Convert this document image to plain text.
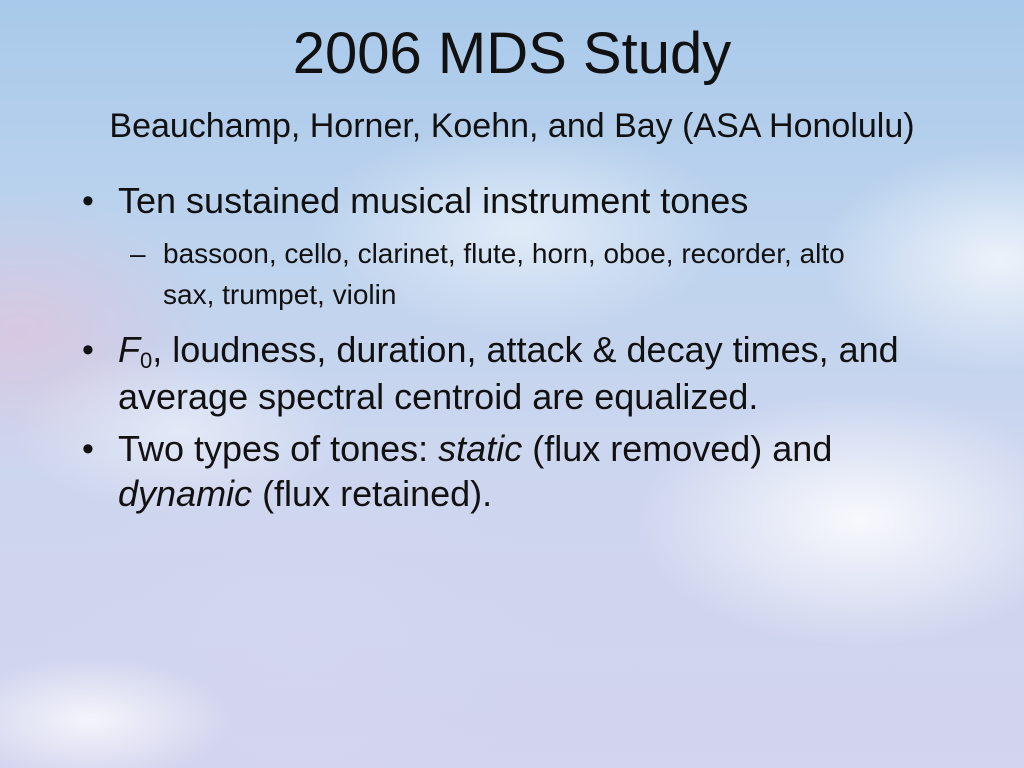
2006 MDS Study
Beauchamp, Horner, Koehn, and Bay (ASA Honolulu)
• Ten sustained musical instrument tones
– bassoon, cello, clarinet, flute, horn, oboe, recorder, alto
sax, trumpet, violin
• $F_0$, loudness, duration, attack & decay times, and
average spectral centroid are equalized.
• Two types of tones: static (flux removed) and
dynamic (flux retained).
